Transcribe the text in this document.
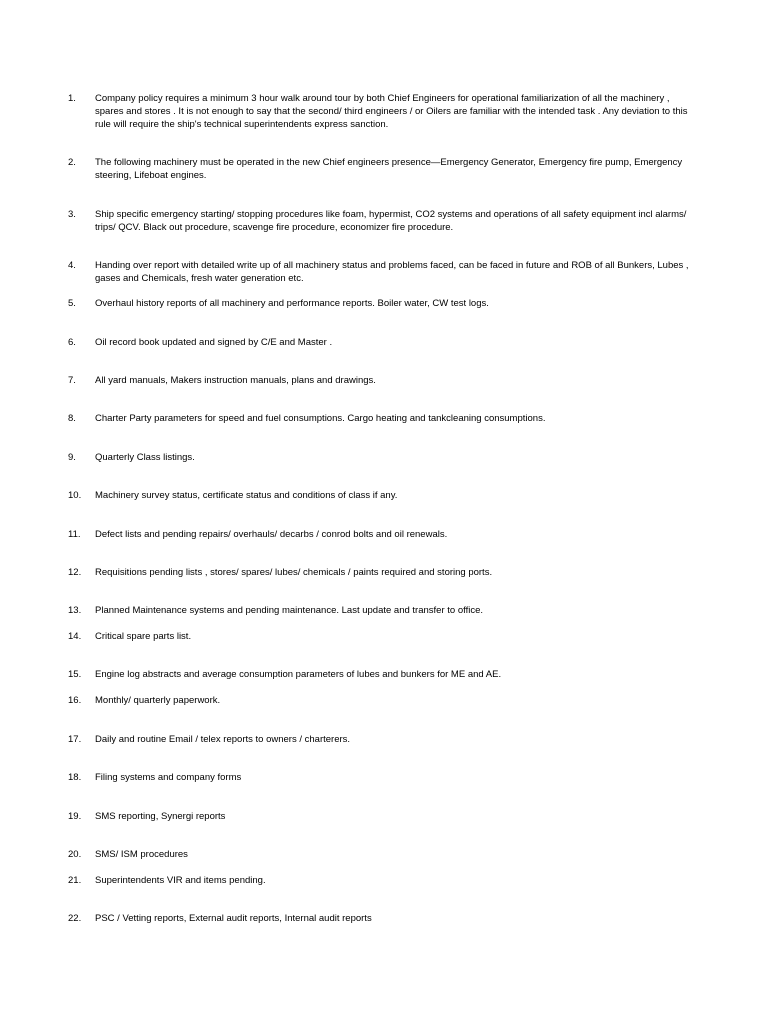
1.	Company policy requires a minimum 3 hour walk around tour by both Chief Engineers for operational familiarization of all the machinery , spares and stores . It is not enough to say that the second/ third engineers / or Oilers are familiar with the intended task . Any deviation to this rule will require the ship's technical superintendents express sanction.
2.	The following machinery must be operated in the new Chief engineers presence—Emergency Generator, Emergency fire pump, Emergency steering, Lifeboat engines.
3.	Ship specific emergency starting/ stopping procedures like foam, hypermist, CO2 systems and operations of all safety equipment incl alarms/ trips/ QCV. Black out procedure, scavenge fire procedure, economizer fire procedure.
4.	Handing over report with detailed write up of all machinery status and problems faced, can be faced in future and ROB of all Bunkers, Lubes , gases and Chemicals, fresh water generation etc.
5.	Overhaul history reports of all machinery and performance reports. Boiler water, CW test logs.
6.	Oil record book updated and signed by C/E and Master .
7.	All yard manuals, Makers instruction manuals, plans and drawings.
8.	Charter Party parameters for speed and fuel consumptions. Cargo heating and tankcleaning consumptions.
9.	Quarterly Class listings.
10.	Machinery survey status, certificate status and conditions of class if any.
11.	Defect lists and pending repairs/ overhauls/ decarbs / conrod bolts and oil renewals.
12.	Requisitions pending lists , stores/ spares/ lubes/ chemicals / paints required and storing ports.
13.	Planned Maintenance systems and pending maintenance. Last update and transfer to office.
14.	Critical spare parts list.
15.	Engine log abstracts and average consumption parameters of lubes and bunkers for ME and AE.
16.	Monthly/ quarterly paperwork.
17.	Daily and routine Email / telex reports to owners / charterers.
18.	Filing systems and company forms
19.	SMS reporting, Synergi reports
20.	SMS/ ISM procedures
21.	Superintendents VIR and items pending.
22.	PSC / Vetting reports, External audit reports, Internal audit reports
